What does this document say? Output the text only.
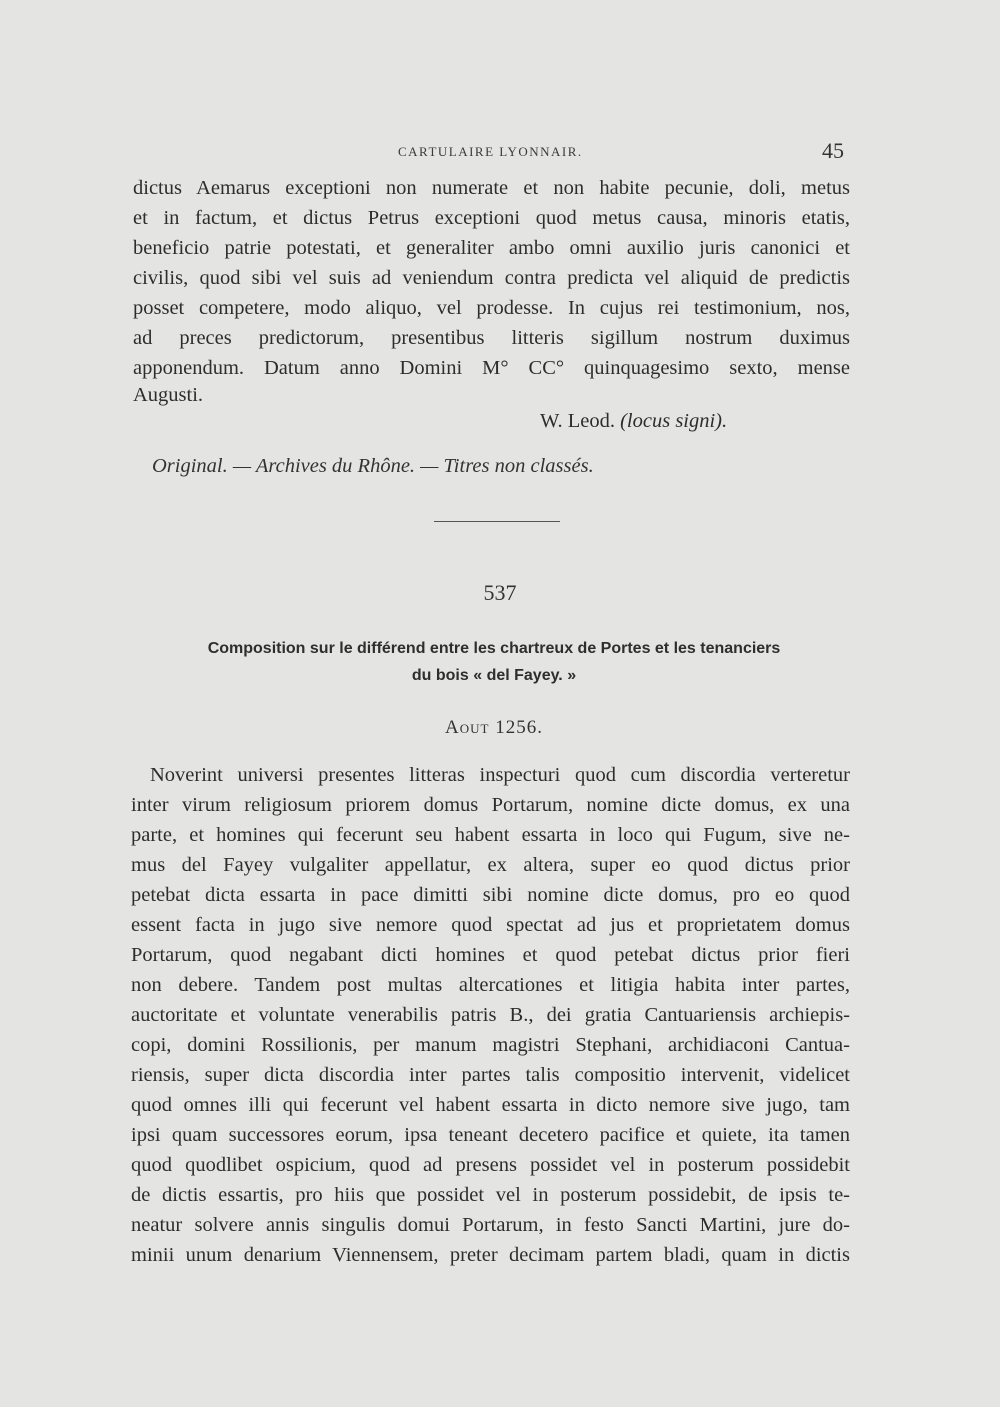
CARTULAIRE LYONNAIR.	45
dictus Aemarus exceptioni non numerate et non habite pecunie, doli, metus
et in factum, et dictus Petrus exceptioni quod metus causa, minoris etatis,
beneficio patrie potestati, et generaliter ambo omni auxilio juris canonici et
civilis, quod sibi vel suis ad veniendum contra predicta vel aliquid de predictis
posset competere, modo aliquo, vel prodesse. In cujus rei testimonium, nos,
ad preces predictorum, presentibus litteris sigillum nostrum duximus
apponendum. Datum anno Domini M° CC° quinquagesimo sexto, mense
Augusti.
W. Leod. (locus signi).
Original. — Archives du Rhône. — Titres non classés.
537
Composition sur le différend entre les chartreux de Portes et les tenanciers
du bois « del Fayey. »
Aout 1256.
Noverint universi presentes litteras inspecturi quod cum discordia verteretur
inter virum religiosum priorem domus Portarum, nomine dicte domus, ex una
parte, et homines qui fecerunt seu habent essarta in loco qui Fugum, sive ne-
mus del Fayey vulgaliter appellatur, ex altera, super eo quod dictus prior
petebat dicta essarta in pace dimitti sibi nomine dicte domus, pro eo quod
essent facta in jugo sive nemore quod spectat ad jus et proprietatem domus
Portarum, quod negabant dicti homines et quod petebat dictus prior fieri
non debere. Tandem post multas altercationes et litigia habita inter partes,
auctoritate et voluntate venerabilis patris B., dei gratia Cantuariensis archiepis-
copi, domini Rossilionis, per manum magistri Stephani, archidiaconi Cantua-
riensis, super dicta discordia inter partes talis compositio intervenit, videlicet
quod omnes illi qui fecerunt vel habent essarta in dicto nemore sive jugo, tam
ipsi quam successores eorum, ipsa teneant decetero pacifice et quiete, ita tamen
quod quodlibet ospicium, quod ad presens possidet vel in posterum possidebit
de dictis essartis, pro hiis que possidet vel in posterum possidebit, de ipsis te-
neatur solvere annis singulis domui Portarum, in festo Sancti Martini, jure do-
minii unum denarium Viennensem, preter decimam partem bladi, quam in dictis
